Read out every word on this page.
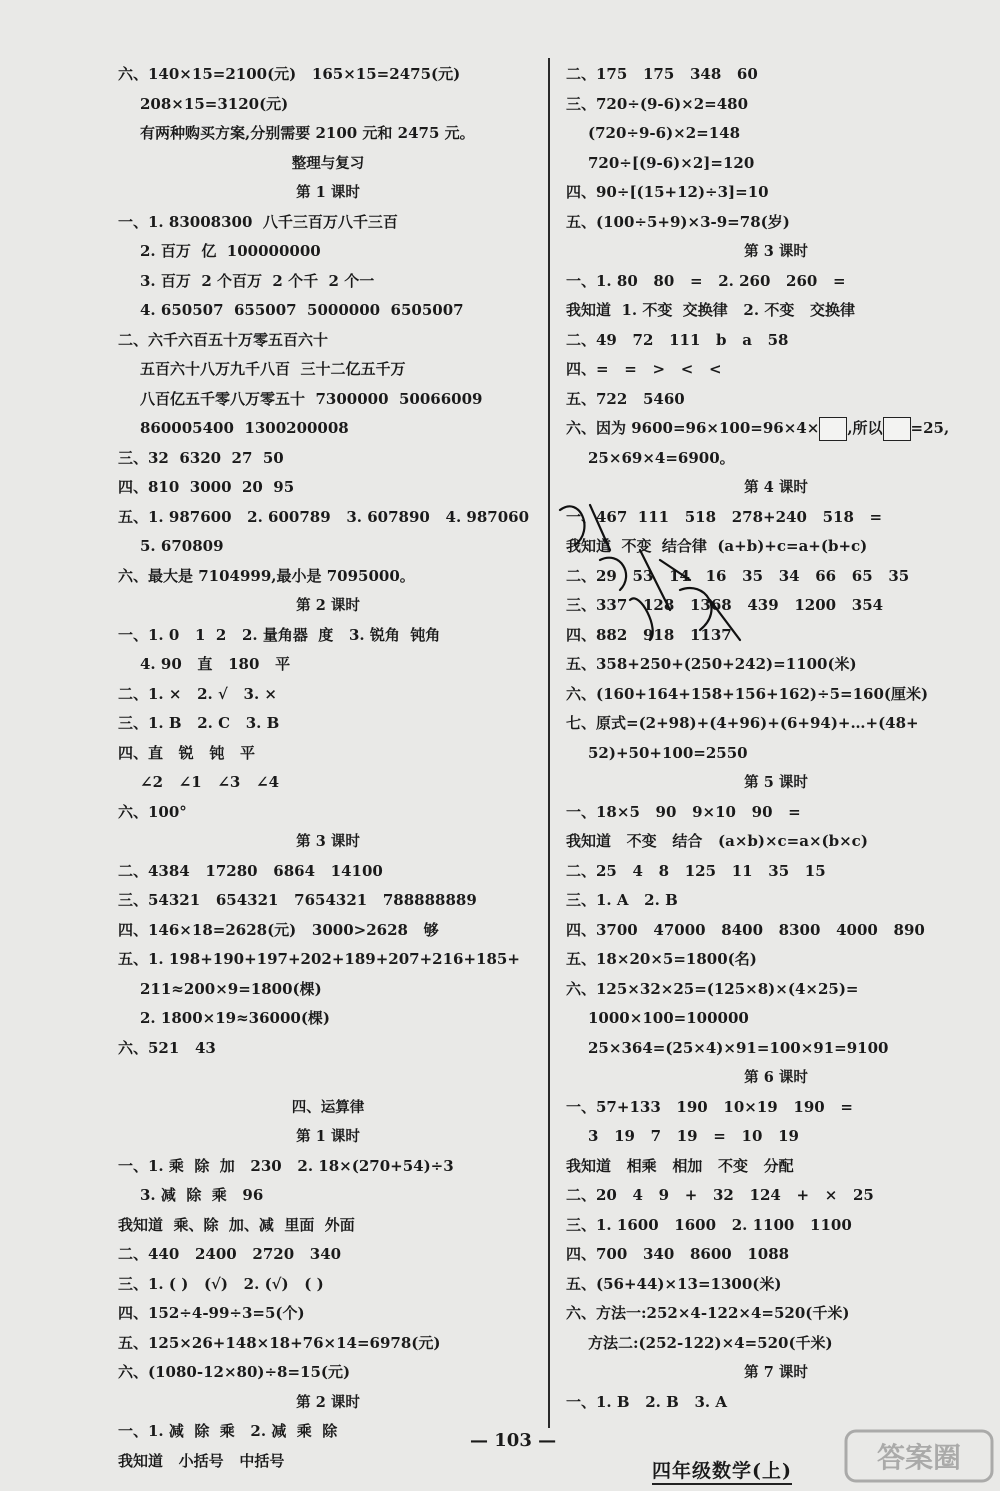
六、140×15=2100(元)   165×15=2475(元)
208×15=3120(元)
有两种购买方案,分别需要 2100 元和 2475 元。
整理与复习
第 1 课时
一、1. 83008300  八千三百万八千三百
2. 百万  亿  100000000
3. 百万  2 个百万  2 个千  2 个一
4. 650507  655007  5000000  6505007
二、六千六百五十万零五百六十
五百六十八万九千八百  三十二亿五千万
八百亿五千零八万零五十  7300000  50066009
860005400  1300200008
三、32  6320  27  50
四、810  3000  20  95
五、1. 987600   2. 600789   3. 607890   4. 987060
5. 670809
六、最大是 7104999,最小是 7095000。
第 2 课时
一、1. 0   1  2   2. 量角器  度   3. 锐角  钝角
4. 90   直   180   平
二、1. ×   2. √   3. ×
三、1. B   2. C   3. B
四、直   锐   钝   平
∠2   ∠1   ∠3   ∠4
六、100°
第 3 课时
二、4384   17280   6864   14100
三、54321   654321   7654321   788888889
四、146×18=2628(元)   3000>2628   够
五、1. 198+190+197+202+189+207+216+185+
211≈200×9=1800(棵)
2. 1800×19≈36000(棵)
六、521   43
四、运算律
第 1 课时
一、1. 乘  除  加   230   2. 18×(270+54)÷3
3. 减  除  乘   96
我知道  乘、除  加、减  里面  外面
二、440   2400   2720   340
三、1. ( )   (√)   2. (√)   ( )
四、152÷4-99÷3=5(个)
五、125×26+148×18+76×14=6978(元)
六、(1080-12×80)÷8=15(元)
第 2 课时
一、1. 减  除  乘   2. 减  乘  除
我知道   小括号   中括号
二、175   175   348   60
三、720÷(9-6)×2=480
(720÷9-6)×2=148
720÷[(9-6)×2]=120
四、90÷[(15+12)÷3]=10
五、(100÷5+9)×3-9=78(岁)
第 3 课时
一、1. 80   80   =   2. 260   260   =
我知道  1. 不变  交换律   2. 不变   交换律
二、49   72   111   b   a   58
四、=   =   >   <   <
五、722   5460
六、因为 9600=96×100=96×4× ,所以 =25,
25×69×4=6900。
第 4 课时
一、467  111   518   278+240   518   =
我知道  不变  结合律  (a+b)+c=a+(b+c)
二、29   53   14   16   35   34   66   65   35
三、337   128   1368   439   1200   354
四、882   918   1137
五、358+250+(250+242)=1100(米)
六、(160+164+158+156+162)÷5=160(厘米)
七、原式=(2+98)+(4+96)+(6+94)+…+(48+
52)+50+100=2550
第 5 课时
一、18×5   90   9×10   90   =
我知道   不变   结合   (a×b)×c=a×(b×c)
二、25   4   8   125   11   35   15
三、1. A   2. B
四、3700   47000   8400   8300   4000   890
五、18×20×5=1800(名)
六、125×32×25=(125×8)×(4×25)=
1000×100=100000
25×364=(25×4)×91=100×91=9100
第 6 课时
一、57+133   190   10×19   190   =
3   19   7   19   =   10   19
我知道   相乘   相加   不变   分配
二、20   4   9   +   32   124   +   ×   25
三、1. 1600   1600   2. 1100   1100
四、700   340   8600   1088
五、(56+44)×13=1300(米)
六、方法一:252×4-122×4=520(千米)
方法二:(252-122)×4=520(千米)
第 7 课时
一、1. B   2. B   3. A
— 103 —
四年级数学(上)	答案圈
